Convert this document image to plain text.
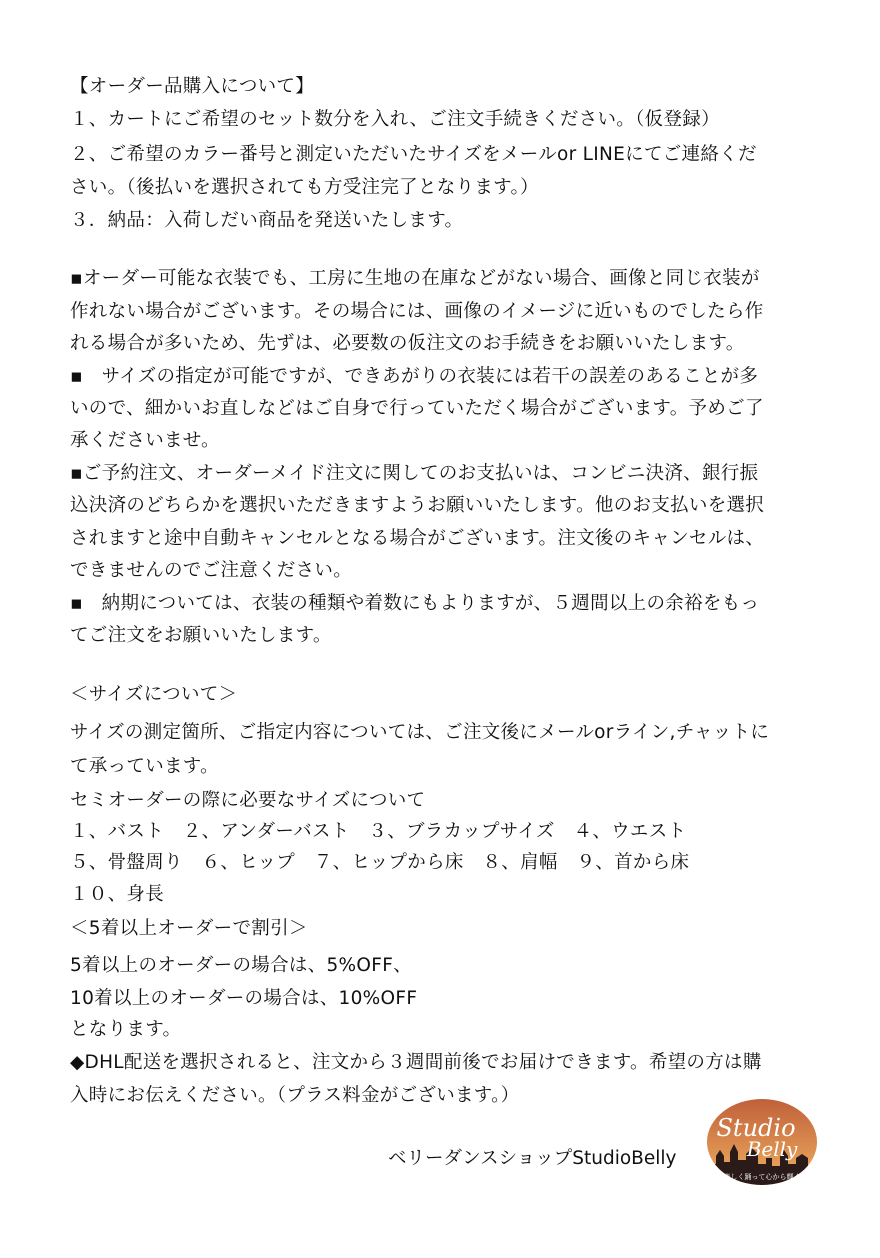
【オーダー品購入について】
１、カートにご希望のセット数分を入れ、ご注文手続きください。（仮登録）
２、ご希望のカラー番号と測定いただいたサイズをメールor LINEにてご連絡くだ
さい。（後払いを選択されても方受注完了となります。）
３．納品：入荷しだい商品を発送いたします。
▪︎オーダー可能な衣装でも、工房に生地の在庫などがない場合、画像と同じ衣装が
作れない場合がございます。その場合には、画像のイメージに近いものでしたら作
れる場合が多いため、先ずは、必要数の仮注文のお手続きをお願いいたします。
▪︎　サイズの指定が可能ですが、できあがりの衣装には若干の誤差のあることが多
いので、細かいお直しなどはご自身で行っていただく場合がございます。予めご了
承くださいませ。
▪︎ご予約注文、オーダーメイド注文に関してのお支払いは、コンビニ決済、銀行振
込決済のどちらかを選択いただきますようお願いいたします。他のお支払いを選択
されますと途中自動キャンセルとなる場合がございます。注文後のキャンセルは、
できませんのでご注意ください。
▪︎　納期については、衣装の種類や着数にもよりますが、５週間以上の余裕をもっ
てご注文をお願いいたします。
＜サイズについて＞
サイズの測定箇所、ご指定内容については、ご注文後にメールorライン,チャットに
て承っています。
セミオーダーの際に必要なサイズについて
１、バスト　２、アンダーバスト　３、ブラカップサイズ　４、ウエスト
５、骨盤周り　６、ヒップ　７、ヒップから床　８、肩幅　９、首から床
１０、身長
＜5着以上オーダーで割引＞
5着以上のオーダーの場合は、5%OFF、
10着以上のオーダーの場合は、10%OFF
となります。
◆DHL配送を選択されると、注文から３週間前後でお届けできます。希望の方は購
入時にお伝えください。（プラス料金がございます。）
ベリーダンスショップStudioBelly
Studio
Belly
楽しく踊って心から輝く
